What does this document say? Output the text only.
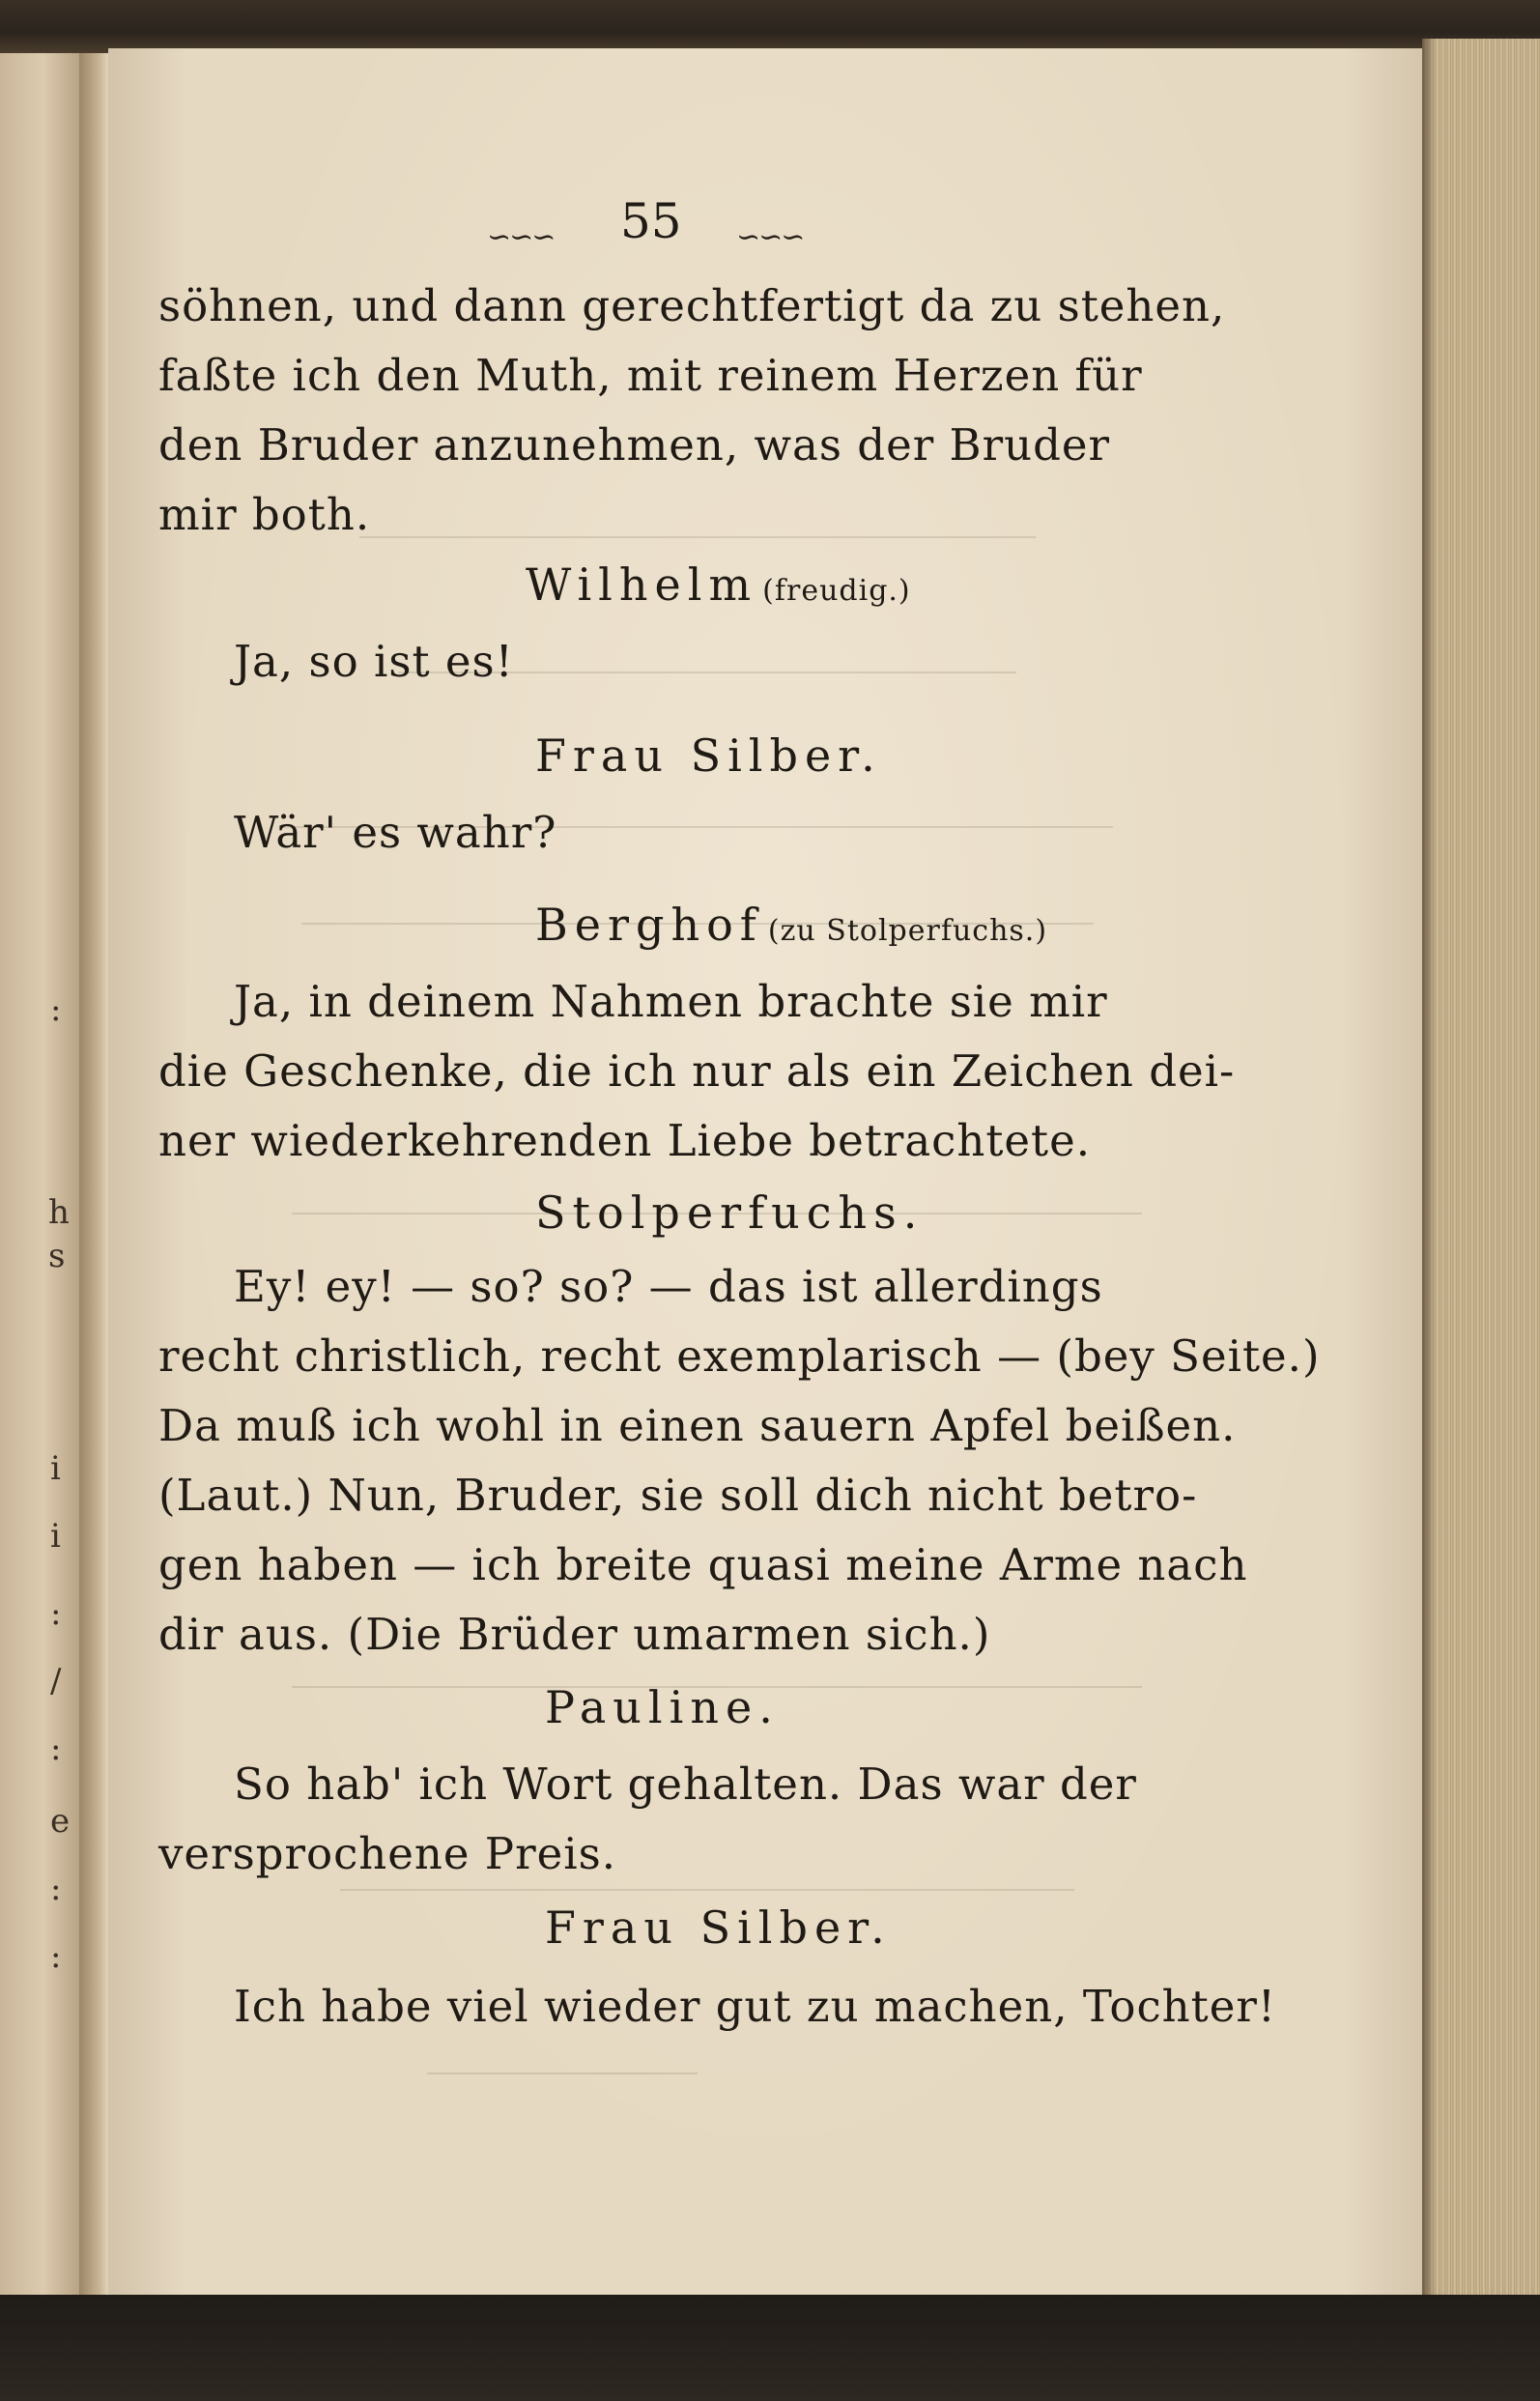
:
h
s
i
i
:
/
:
e
:
:
∽∽∽ 55 ∽∽∽
söhnen, und dann gerechtfertigt da zu stehen,
faßte ich den Muth, mit reinem Herzen für
den Bruder anzunehmen, was der Bruder
mir both.
Wilhelm (freudig.)
Ja, so ist es!
Frau Silber.
Wär' es wahr?
Berghof (zu Stolperfuchs.)
Ja, in deinem Nahmen brachte sie mir
die Geschenke, die ich nur als ein Zeichen dei-
ner wiederkehrenden Liebe betrachtete.
Stolperfuchs.
Ey! ey! — so? so? — das ist allerdings
recht christlich, recht exemplarisch — (bey Seite.)
Da muß ich wohl in einen sauern Apfel beißen.
(Laut.) Nun, Bruder, sie soll dich nicht betro-
gen haben — ich breite quasi meine Arme nach
dir aus. (Die Brüder umarmen sich.)
Pauline.
So hab' ich Wort gehalten. Das war der
versprochene Preis.
Frau Silber.
Ich habe viel wieder gut zu machen, Tochter!
